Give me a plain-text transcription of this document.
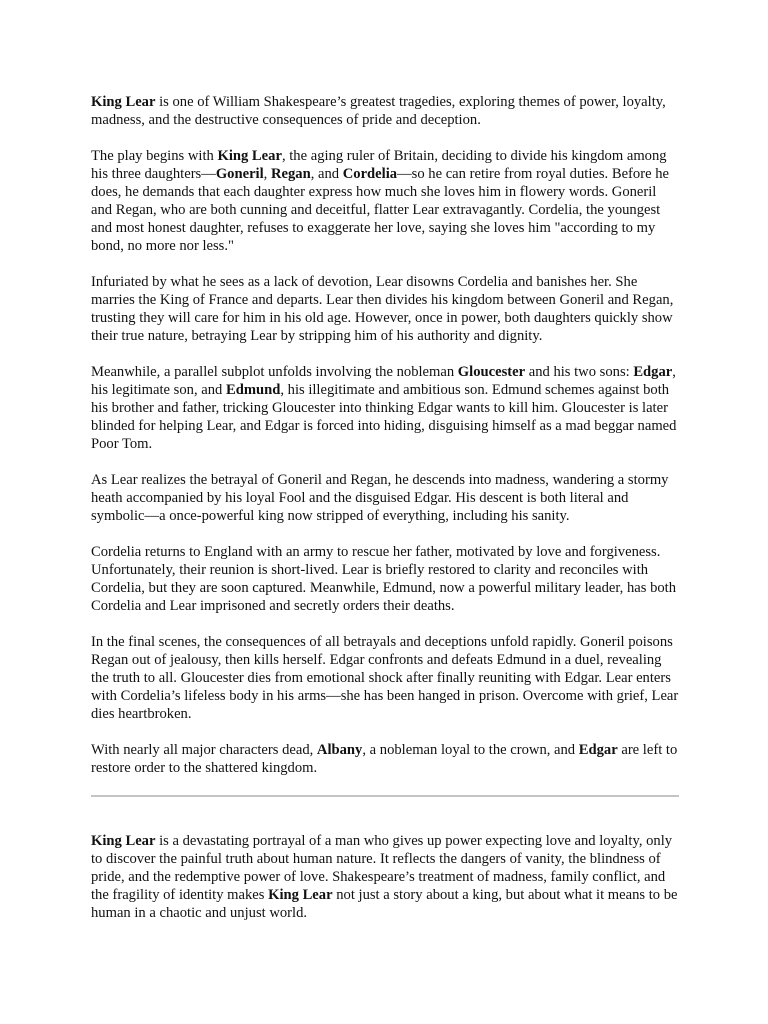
King Lear is one of William Shakespeare’s greatest tragedies, exploring themes of power, loyalty, madness, and the destructive consequences of pride and deception.

The play begins with King Lear, the aging ruler of Britain, deciding to divide his kingdom among his three daughters—Goneril, Regan, and Cordelia—so he can retire from royal duties. Before he does, he demands that each daughter express how much she loves him in flowery words. Goneril and Regan, who are both cunning and deceitful, flatter Lear extravagantly. Cordelia, the youngest and most honest daughter, refuses to exaggerate her love, saying she loves him "according to my bond, no more nor less."

Infuriated by what he sees as a lack of devotion, Lear disowns Cordelia and banishes her. She marries the King of France and departs. Lear then divides his kingdom between Goneril and Regan, trusting they will care for him in his old age. However, once in power, both daughters quickly show their true nature, betraying Lear by stripping him of his authority and dignity.

Meanwhile, a parallel subplot unfolds involving the nobleman Gloucester and his two sons: Edgar, his legitimate son, and Edmund, his illegitimate and ambitious son. Edmund schemes against both his brother and father, tricking Gloucester into thinking Edgar wants to kill him. Gloucester is later blinded for helping Lear, and Edgar is forced into hiding, disguising himself as a mad beggar named Poor Tom.

As Lear realizes the betrayal of Goneril and Regan, he descends into madness, wandering a stormy heath accompanied by his loyal Fool and the disguised Edgar. His descent is both literal and symbolic—a once-powerful king now stripped of everything, including his sanity.

Cordelia returns to England with an army to rescue her father, motivated by love and forgiveness. Unfortunately, their reunion is short-lived. Lear is briefly restored to clarity and reconciles with Cordelia, but they are soon captured. Meanwhile, Edmund, now a powerful military leader, has both Cordelia and Lear imprisoned and secretly orders their deaths.

In the final scenes, the consequences of all betrayals and deceptions unfold rapidly. Goneril poisons Regan out of jealousy, then kills herself. Edgar confronts and defeats Edmund in a duel, revealing the truth to all. Gloucester dies from emotional shock after finally reuniting with Edgar. Lear enters with Cordelia’s lifeless body in his arms—she has been hanged in prison. Overcome with grief, Lear dies heartbroken.

With nearly all major characters dead, Albany, a nobleman loyal to the crown, and Edgar are left to restore order to the shattered kingdom.

King Lear is a devastating portrayal of a man who gives up power expecting love and loyalty, only to discover the painful truth about human nature. It reflects the dangers of vanity, the blindness of pride, and the redemptive power of love. Shakespeare’s treatment of madness, family conflict, and the fragility of identity makes King Lear not just a story about a king, but about what it means to be human in a chaotic and unjust world.
